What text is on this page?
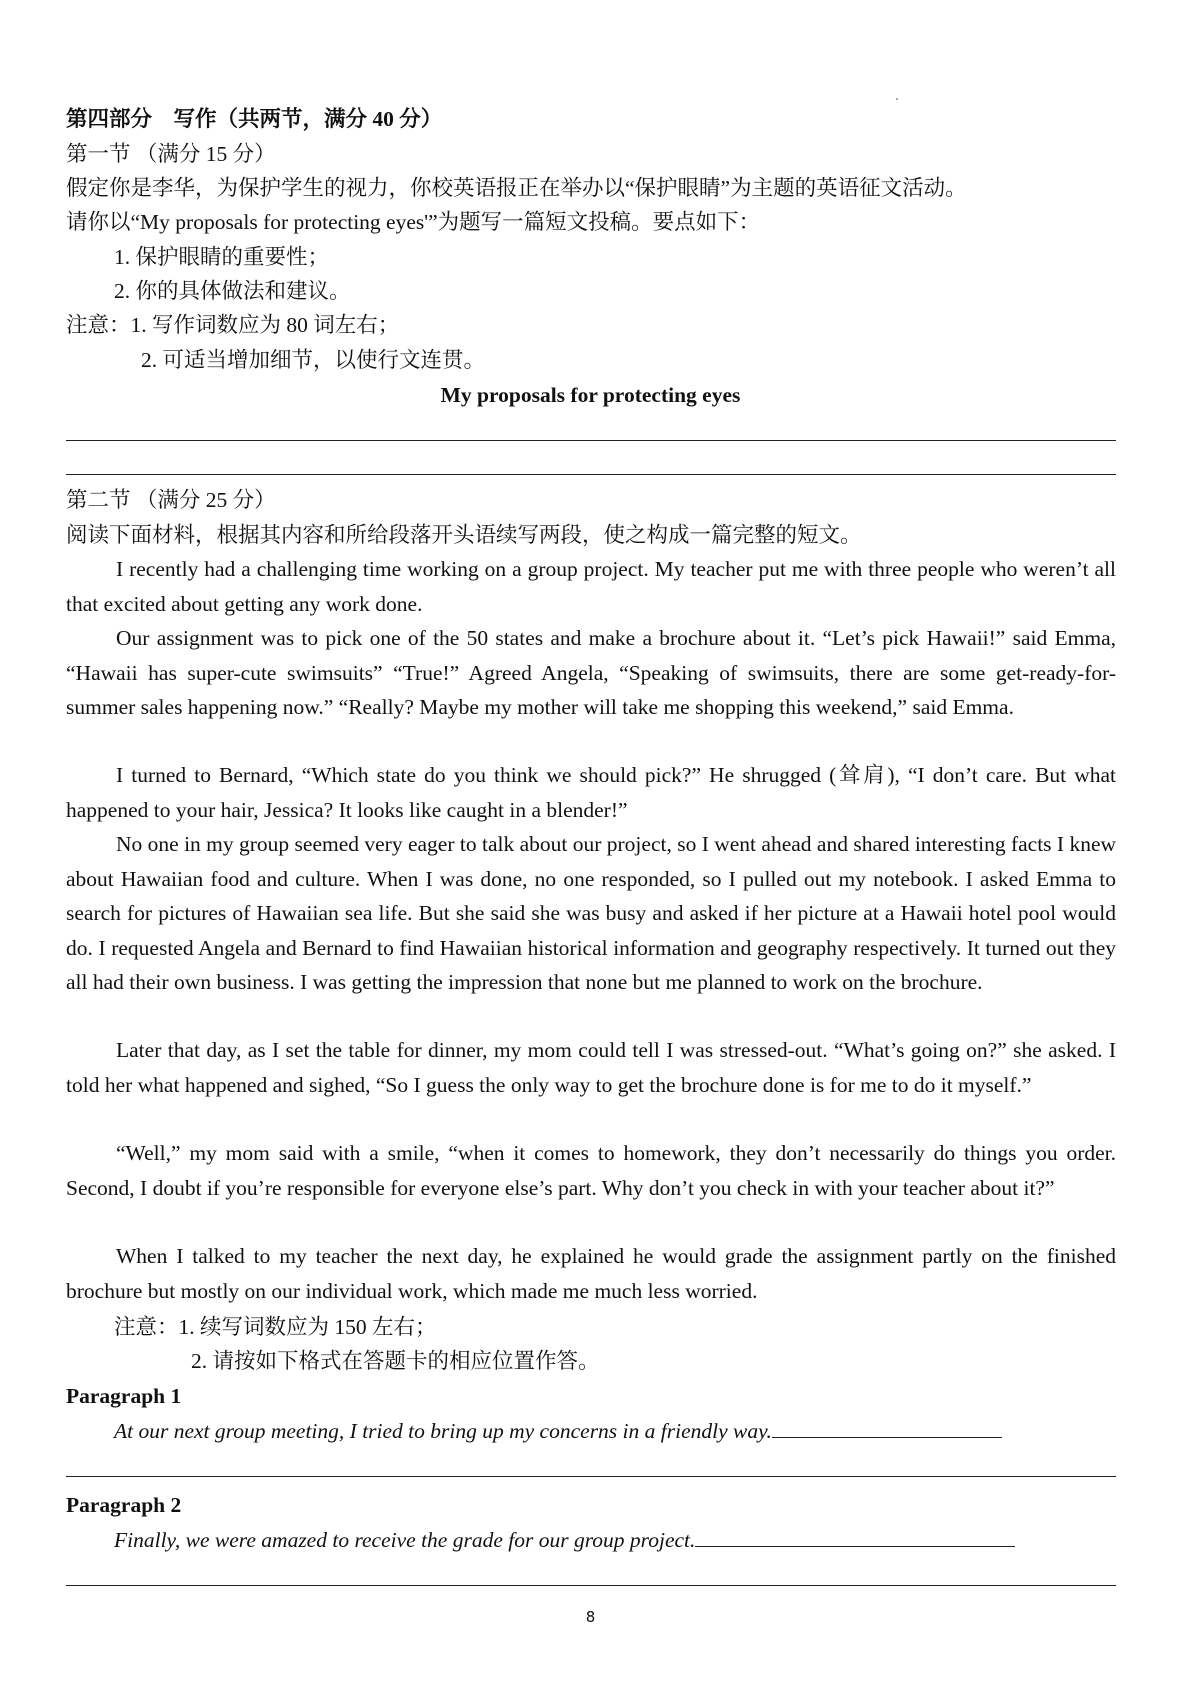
第四部分　写作（共两节，满分 40 分）
第一节 （满分 15 分）
假定你是李华，为保护学生的视力，你校英语报正在举办以“保护眼睛”为主题的英语征文活动。
请你以“My proposals for protecting eyes'”为题写一篇短文投稿。要点如下：
1. 保护眼睛的重要性；
2. 你的具体做法和建议。
注意：1. 写作词数应为 80 词左右；
2. 可适当增加细节，以使行文连贯。
My proposals for protecting eyes
第二节 （满分 25 分）
阅读下面材料，根据其内容和所给段落开头语续写两段，使之构成一篇完整的短文。
I recently had a challenging time working on a group project. My teacher put me with three people who weren’t all that excited about getting any work done.
Our assignment was to pick one of the 50 states and make a brochure about it. “Let’s pick Hawaii!” said Emma, “Hawaii has super-cute swimsuits” “True!” Agreed Angela, “Speaking of swimsuits, there are some get-ready-for-summer sales happening now.” “Really? Maybe my mother will take me shopping this weekend,” said Emma.
I turned to Bernard, “Which state do you think we should pick?” He shrugged (耸肩), “I don’t care. But what happened to your hair, Jessica? It looks like caught in a blender!”
No one in my group seemed very eager to talk about our project, so I went ahead and shared interesting facts I knew about Hawaiian food and culture. When I was done, no one responded, so I pulled out my notebook. I asked Emma to search for pictures of Hawaiian sea life. But she said she was busy and asked if her picture at a Hawaii hotel pool would do. I requested Angela and Bernard to find Hawaiian historical information and geography respectively. It turned out they all had their own business. I was getting the impression that none but me planned to work on the brochure.
Later that day, as I set the table for dinner, my mom could tell I was stressed-out. “What’s going on?” she asked. I told her what happened and sighed, “So I guess the only way to get the brochure done is for me to do it myself.”
“Well,” my mom said with a smile, “when it comes to homework, they don’t necessarily do things you order. Second, I doubt if you’re responsible for everyone else’s part. Why don’t you check in with your teacher about it?”
When I talked to my teacher the next day, he explained he would grade the assignment partly on the finished brochure but mostly on our individual work, which made me much less worried.
注意：1. 续写词数应为 150 左右；
2. 请按如下格式在答题卡的相应位置作答。
Paragraph 1
At our next group meeting, I tried to bring up my concerns in a friendly way.
Paragraph 2
Finally, we were amazed to receive the grade for our group project.
8
